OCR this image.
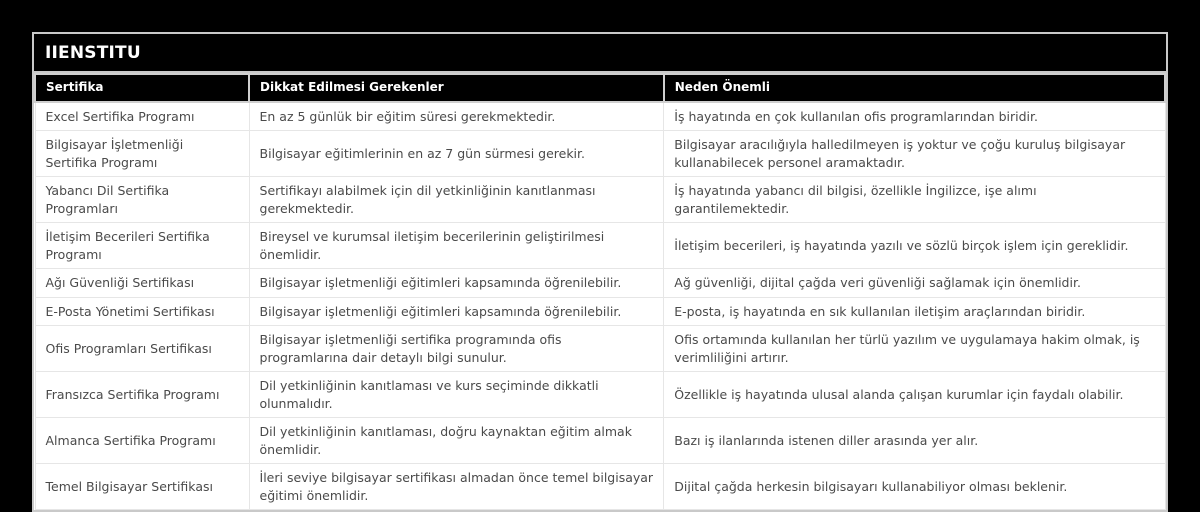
IIENSTITU
Sertifika	Dikkat Edilmesi Gerekenler	Neden Önemli
Excel Sertifika Programı	En az 5 günlük bir eğitim süresi gerekmektedir.	İş hayatında en çok kullanılan ofis programlarından biridir.
Bilgisayar İşletmenliği Sertifika Programı	Bilgisayar eğitimlerinin en az 7 gün sürmesi gerekir.	Bilgisayar aracılığıyla halledilmeyen iş yoktur ve çoğu kuruluş bilgisayar kullanabilecek personel aramaktadır.
Yabancı Dil Sertifika Programları	Sertifikayı alabilmek için dil yetkinliğinin kanıtlanması gerekmektedir.	İş hayatında yabancı dil bilgisi, özellikle İngilizce, işe alımı garantilemektedir.
İletişim Becerileri Sertifika Programı	Bireysel ve kurumsal iletişim becerilerinin geliştirilmesi önemlidir.	İletişim becerileri, iş hayatında yazılı ve sözlü birçok işlem için gereklidir.
Ağı Güvenliği Sertifikası	Bilgisayar işletmenliği eğitimleri kapsamında öğrenilebilir.	Ağ güvenliği, dijital çağda veri güvenliği sağlamak için önemlidir.
E-Posta Yönetimi Sertifikası	Bilgisayar işletmenliği eğitimleri kapsamında öğrenilebilir.	E-posta, iş hayatında en sık kullanılan iletişim araçlarından biridir.
Ofis Programları Sertifikası	Bilgisayar işletmenliği sertifika programında ofis programlarına dair detaylı bilgi sunulur.	Ofis ortamında kullanılan her türlü yazılım ve uygulamaya hakim olmak, iş verimliliğini artırır.
Fransızca Sertifika Programı	Dil yetkinliğinin kanıtlaması ve kurs seçiminde dikkatli olunmalıdır.	Özellikle iş hayatında ulusal alanda çalışan kurumlar için faydalı olabilir.
Almanca Sertifika Programı	Dil yetkinliğinin kanıtlaması, doğru kaynaktan eğitim almak önemlidir.	Bazı iş ilanlarında istenen diller arasında yer alır.
Temel Bilgisayar Sertifikası	İleri seviye bilgisayar sertifikası almadan önce temel bilgisayar eğitimi önemlidir.	Dijital çağda herkesin bilgisayarı kullanabiliyor olması beklenir.
